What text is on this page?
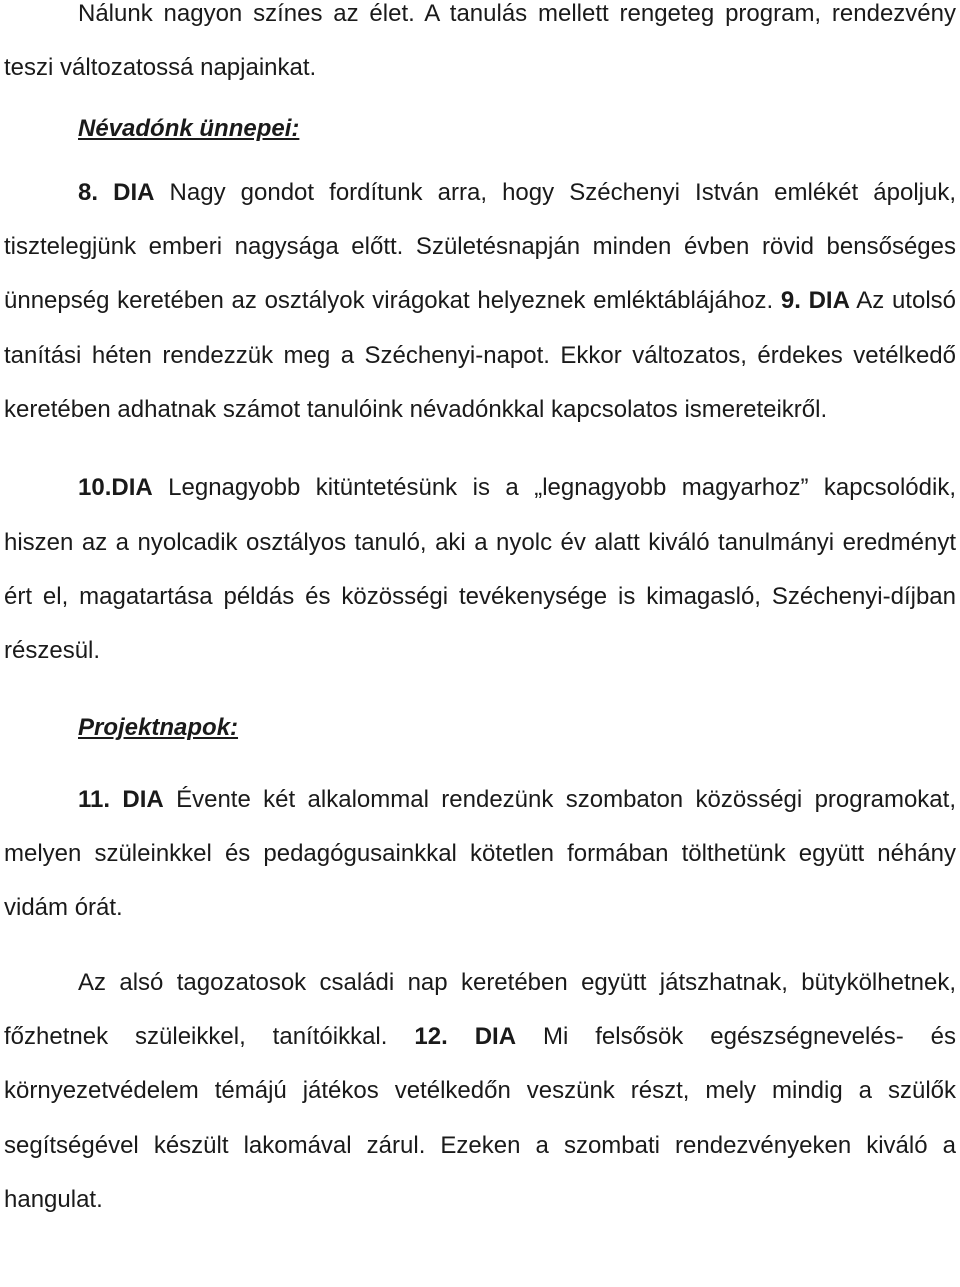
Nálunk nagyon színes az élet. A tanulás mellett rengeteg program, rendezvény teszi változatossá napjainkat.

Névadónk ünnepei:

8. DIA Nagy gondot fordítunk arra, hogy Széchenyi István emlékét ápoljuk, tisztelegjünk emberi nagysága előtt. Születésnapján minden évben rövid bensőséges ünnepség keretében az osztályok virágokat helyeznek emléktáblájához. 9. DIA Az utolsó tanítási héten rendezzük meg a Széchenyi-napot. Ekkor változatos, érdekes vetélkedő keretében adhatnak számot tanulóink névadónkkal kapcsolatos ismereteikről.

10.DIA Legnagyobb kitüntetésünk is a „legnagyobb magyarhoz” kapcsolódik, hiszen az a nyolcadik osztályos tanuló, aki a nyolc év alatt kiváló tanulmányi eredményt ért el, magatartása példás és közösségi tevékenysége is kimagasló, Széchenyi-díjban részesül.

Projektnapok:

11. DIA Évente két alkalommal rendezünk szombaton közösségi programokat, melyen szüleinkkel és pedagógusainkkal kötetlen formában tölthetünk együtt néhány vidám órát.

Az alsó tagozatosok családi nap keretében együtt játszhatnak, bütykölhetnek, főzhetnek szüleikkel, tanítóikkal. 12. DIA Mi felsősök egészségnevelés- és környezetvédelem témájú játékos vetélkedőn veszünk részt, mely mindig a szülők segítségével készült lakomával zárul. Ezeken a szombati rendezvényeken kiváló a hangulat.
